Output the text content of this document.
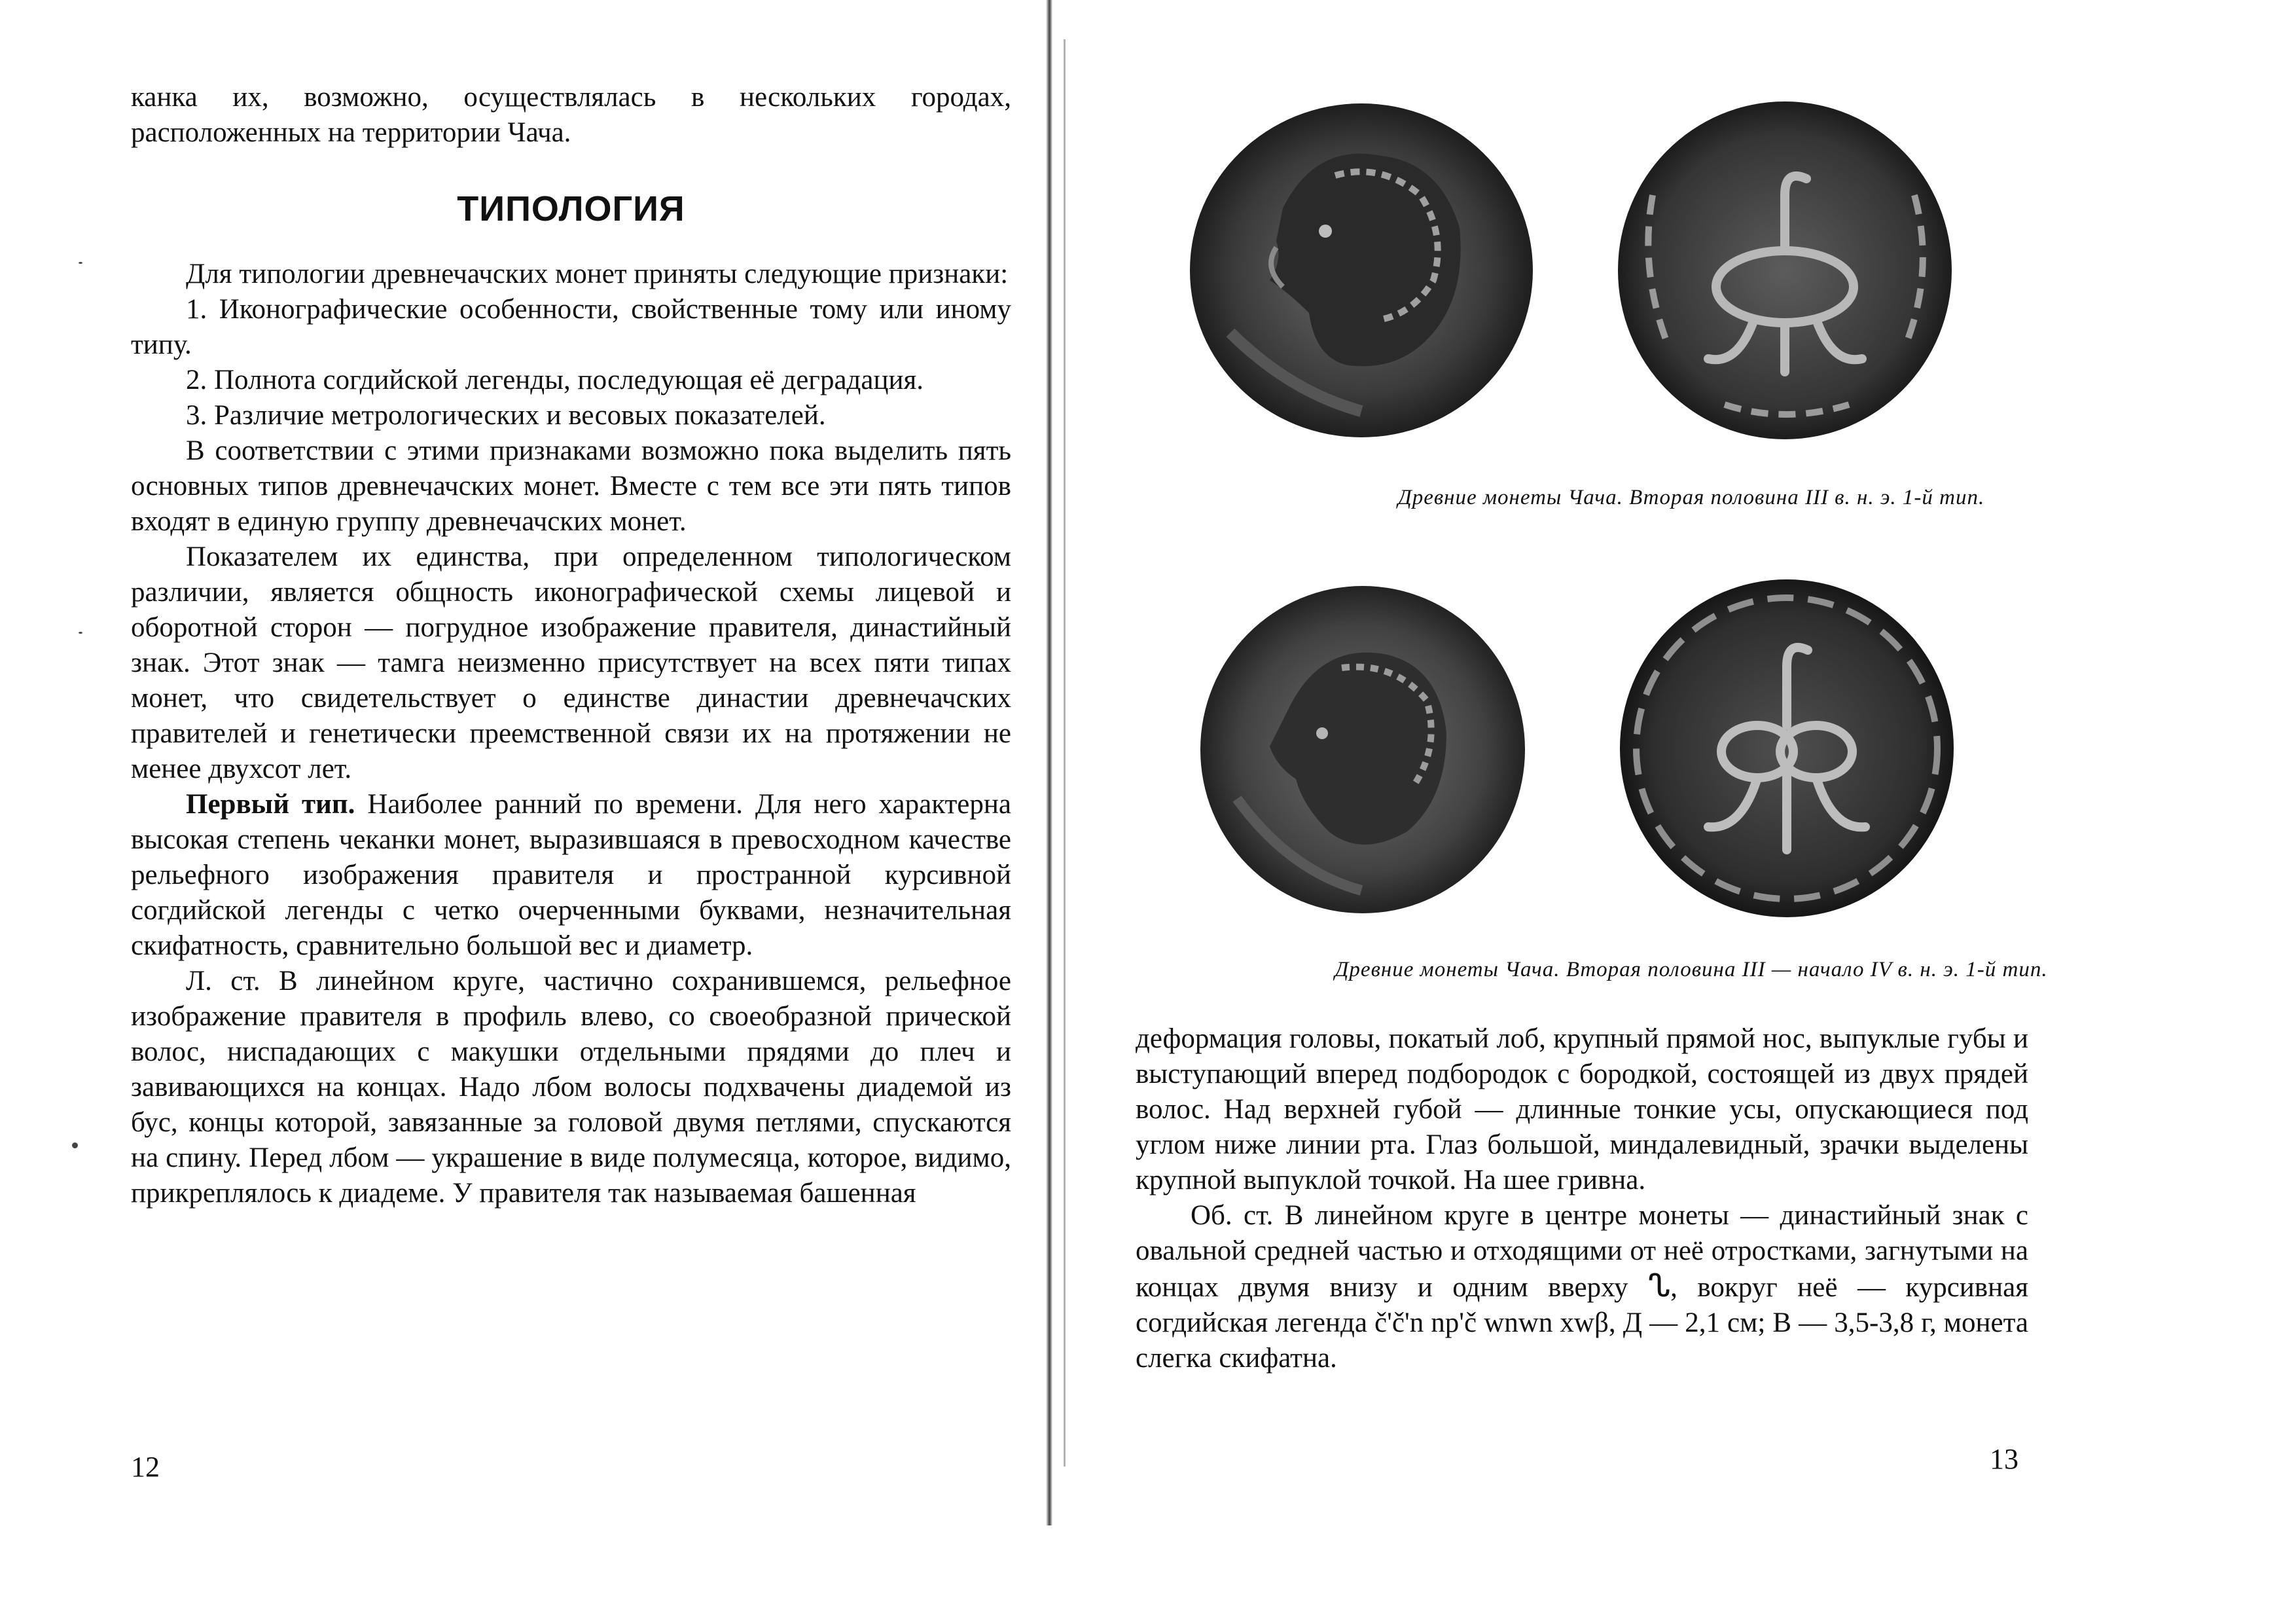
канка их, возможно, осуществлялась в нескольких городах, расположенных на территории Чача.

ТИПОЛОГИЯ

Для типологии древнечачских монет приняты следующие признаки:

1. Иконографические особенности, свойственные тому или иному типу.

2. Полнота согдийской легенды, последующая её деградация.

3. Различие метрологических и весовых показателей.

В соответствии с этими признаками возможно пока выделить пять основных типов древнечачских монет. Вместе с тем все эти пять типов входят в единую группу древнечачских монет.

Показателем их единства, при определенном типологическом различии, является общность иконографической схемы лицевой и оборотной сторон — погрудное изображение правителя, династийный знак. Этот знак — тамга неизменно присутствует на всех пяти типах монет, что свидетельствует о единстве династии древнечачских правителей и генетически преемственной связи их на протяжении не менее двухсот лет.

Первый тип. Наиболее ранний по времени. Для него характерна высокая степень чеканки монет, выразившаяся в превосходном качестве рельефного изображения правителя и пространной курсивной согдийской легенды с четко очерченными буквами, незначительная скифатность, сравнительно большой вес и диаметр.

Л. ст. В линейном круге, частично сохранившемся, рельефное изображение правителя в профиль влево, со своеобразной прической волос, ниспадающих с макушки отдельными прядями до плеч и завивающихся на концах. Надо лбом волосы подхвачены диадемой из бус, концы которой, завязанные за головой двумя петлями, спускаются на спину. Перед лбом — украшение в виде полумесяца, которое, видимо, прикреплялось к диадеме. У правителя так называемая башенная

12

Древние монеты Чача. Вторая половина III в. н. э. 1-й тип.

Древние монеты Чача. Вторая половина III — начало IV в. н. э. 1-й тип.

деформация головы, покатый лоб, крупный прямой нос, выпуклые губы и выступающий вперед подбородок с бородкой, состоящей из двух прядей волос. Над верхней губой — длинные тонкие усы, опускающиеся под углом ниже линии рта. Глаз большой, миндалевидный, зрачки выделены крупной выпуклой точкой. На шее гривна.

Об. ст. В линейном круге в центре монеты — династийный знак с овальной средней частью и отходящими от неё отростками, загнутыми на концах двумя внизу и одним вверху ᔐ, вокруг неё — курсивная согдийская легенда č'č'n np'č wnwn xwβ, Д — 2,1 см; В — 3,5-3,8 г, монета слегка скифатна.

13
